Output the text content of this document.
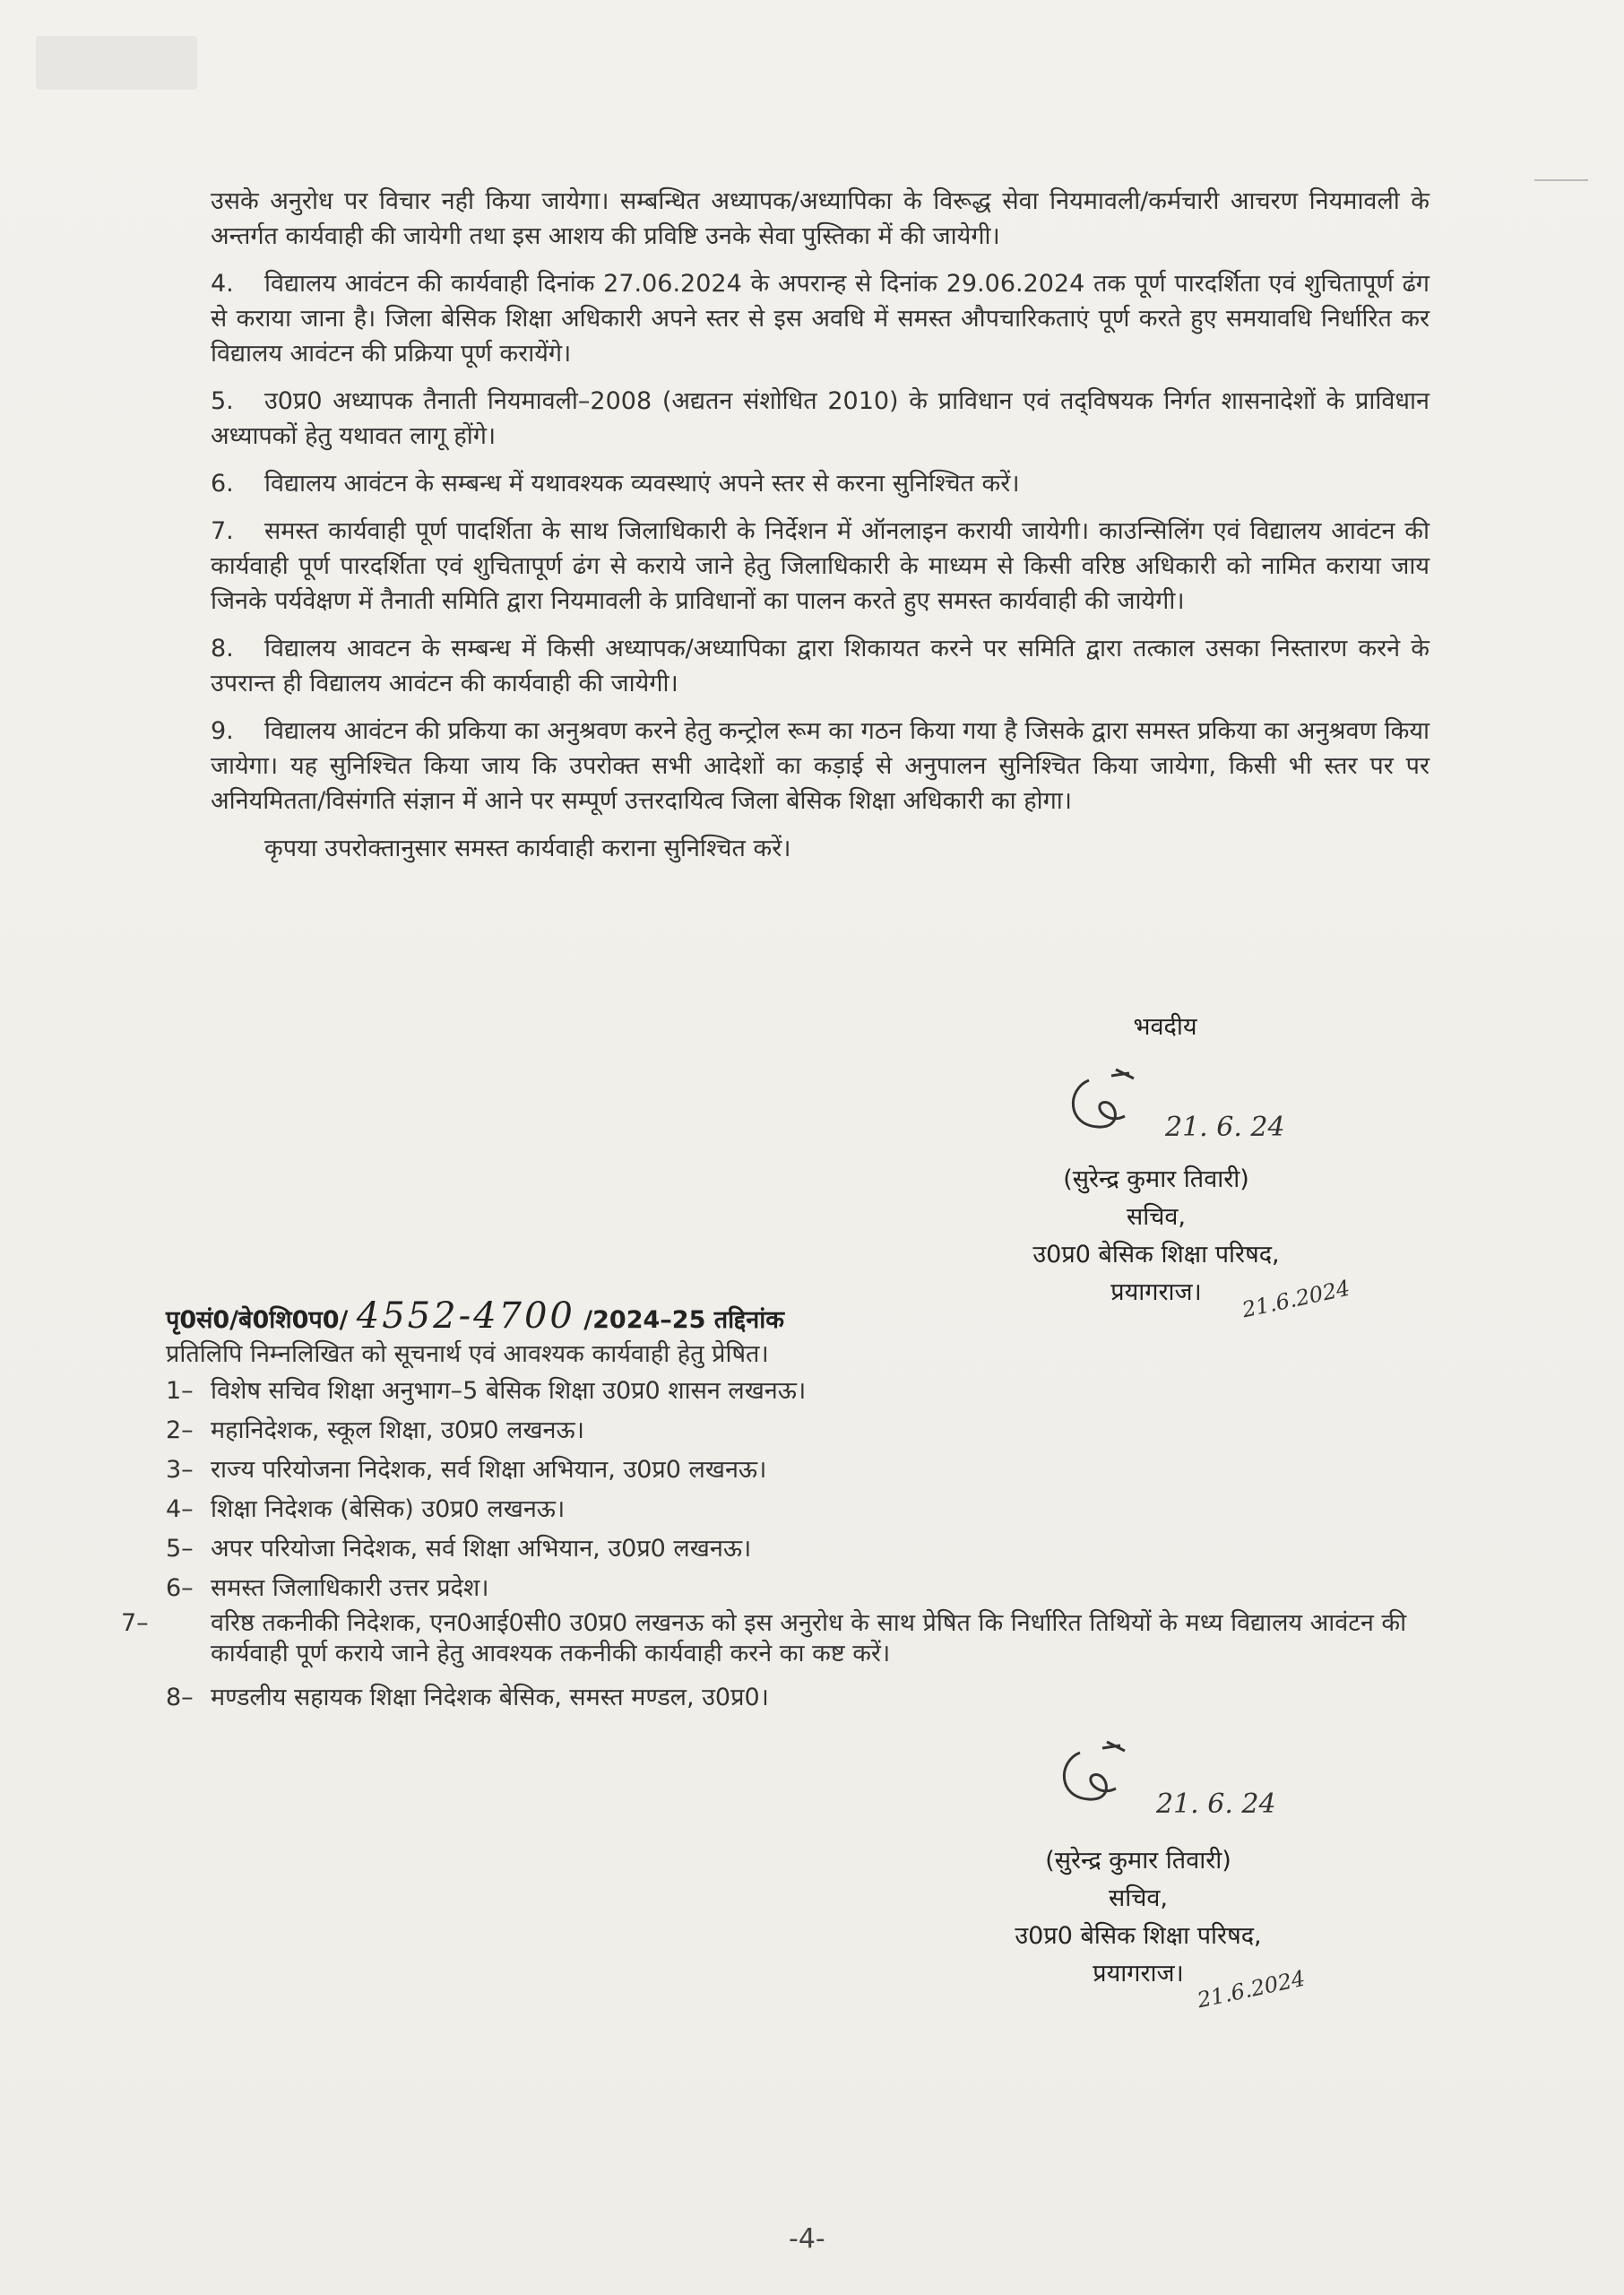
उसके अनुरोध पर विचार नही किया जायेगा। सम्बन्धित अध्यापक/अध्यापिका के विरूद्ध सेवा नियमावली/कर्मचारी आचरण नियमावली के अन्तर्गत कार्यवाही की जायेगी तथा इस आशय की प्रविष्टि उनके सेवा पुस्तिका में की जायेगी।

4. विद्यालय आवंटन की कार्यवाही दिनांक 27.06.2024 के अपरान्ह से दिनांक 29.06.2024 तक पूर्ण पारदर्शिता एवं शुचितापूर्ण ढंग से कराया जाना है। जिला बेसिक शिक्षा अधिकारी अपने स्तर से इस अवधि में समस्त औपचारिकताएं पूर्ण करते हुए समयावधि निर्धारित कर विद्यालय आवंटन की प्रक्रिया पूर्ण करायेंगे।

5. उ0प्र0 अध्यापक तैनाती नियमावली–2008 (अद्यतन संशोधित 2010) के प्राविधान एवं तद्‌विषयक निर्गत शासनादेशों के प्राविधान अध्यापकों हेतु यथावत लागू होंगे।

6. विद्यालय आवंटन के सम्बन्ध में यथावश्यक व्यवस्थाएं अपने स्तर से करना सुनिश्चित करें।

7. समस्त कार्यवाही पूर्ण पादर्शिता के साथ जिलाधिकारी के निर्देशन में ऑनलाइन करायी जायेगी। काउन्सिलिंग एवं विद्यालय आवंटन की कार्यवाही पूर्ण पारदर्शिता एवं शुचितापूर्ण ढंग से कराये जाने हेतु जिलाधिकारी के माध्यम से किसी वरिष्ठ अधिकारी को नामित कराया जाय जिनके पर्यवेक्षण में तैनाती समिति द्वारा नियमावली के प्राविधानों का पालन करते हुए समस्त कार्यवाही की जायेगी।

8. विद्यालय आवटन के सम्बन्ध में किसी अध्यापक/अध्यापिका द्वारा शिकायत करने पर समिति द्वारा तत्काल उसका निस्तारण करने के उपरान्त ही विद्यालय आवंटन की कार्यवाही की जायेगी।

9. विद्यालय आवंटन की प्रकिया का अनुश्रवण करने हेतु कन्ट्रोल रूम का गठन किया गया है जिसके द्वारा समस्त प्रकिया का अनुश्रवण किया जायेगा। यह सुनिश्चित किया जाय कि उपरोक्त सभी आदेशों का कड़ाई से अनुपालन सुनिश्चित किया जायेगा, किसी भी स्तर पर पर अनियमितता/विसंगति संज्ञान में आने पर सम्पूर्ण उत्तरदायित्व जिला बेसिक शिक्षा अधिकारी का होगा।

कृपया उपरोक्तानुसार समस्त कार्यवाही कराना सुनिश्चित करें।

भवदीय
21. 6. 24
(सुरेन्द्र कुमार तिवारी)
सचिव,
उ0प्र0 बेसिक शिक्षा परिषद,
प्रयागराज।	21.6.2024
पृ0सं0/बे0शि0प0/ 4552-4700 /2024–25 तद्दिनांक
प्रतिलिपि निम्नलिखित को सूचनार्थ एवं आवश्यक कार्यवाही हेतु प्रेषित।
1– विशेष सचिव शिक्षा अनुभाग–5 बेसिक शिक्षा उ0प्र0 शासन लखनऊ।
2– महानिदेशक, स्कूल शिक्षा, उ0प्र0 लखनऊ।
3– राज्य परियोजना निदेशक, सर्व शिक्षा अभियान, उ0प्र0 लखनऊ।
4– शिक्षा निदेशक (बेसिक) उ0प्र0 लखनऊ।
5– अपर परियोजा निदेशक, सर्व शिक्षा अभियान, उ0प्र0 लखनऊ।
6– समस्त जिलाधिकारी उत्तर प्रदेश।
7–	वरिष्ठ तकनीकी निदेशक, एन0आई0सी0 उ0प्र0 लखनऊ को इस अनुरोध के साथ प्रेषित कि निर्धारित तिथियों के मध्य विद्यालय आवंटन की कार्यवाही पूर्ण कराये जाने हेतु आवश्यक तकनीकी कार्यवाही करने का कष्ट करें।
8– मण्डलीय सहायक शिक्षा निदेशक बेसिक, समस्त मण्डल, उ0प्र0।
21. 6. 24
(सुरेन्द्र कुमार तिवारी)
सचिव,
उ0प्र0 बेसिक शिक्षा परिषद,
प्रयागराज। 21.6.2024
-4-
